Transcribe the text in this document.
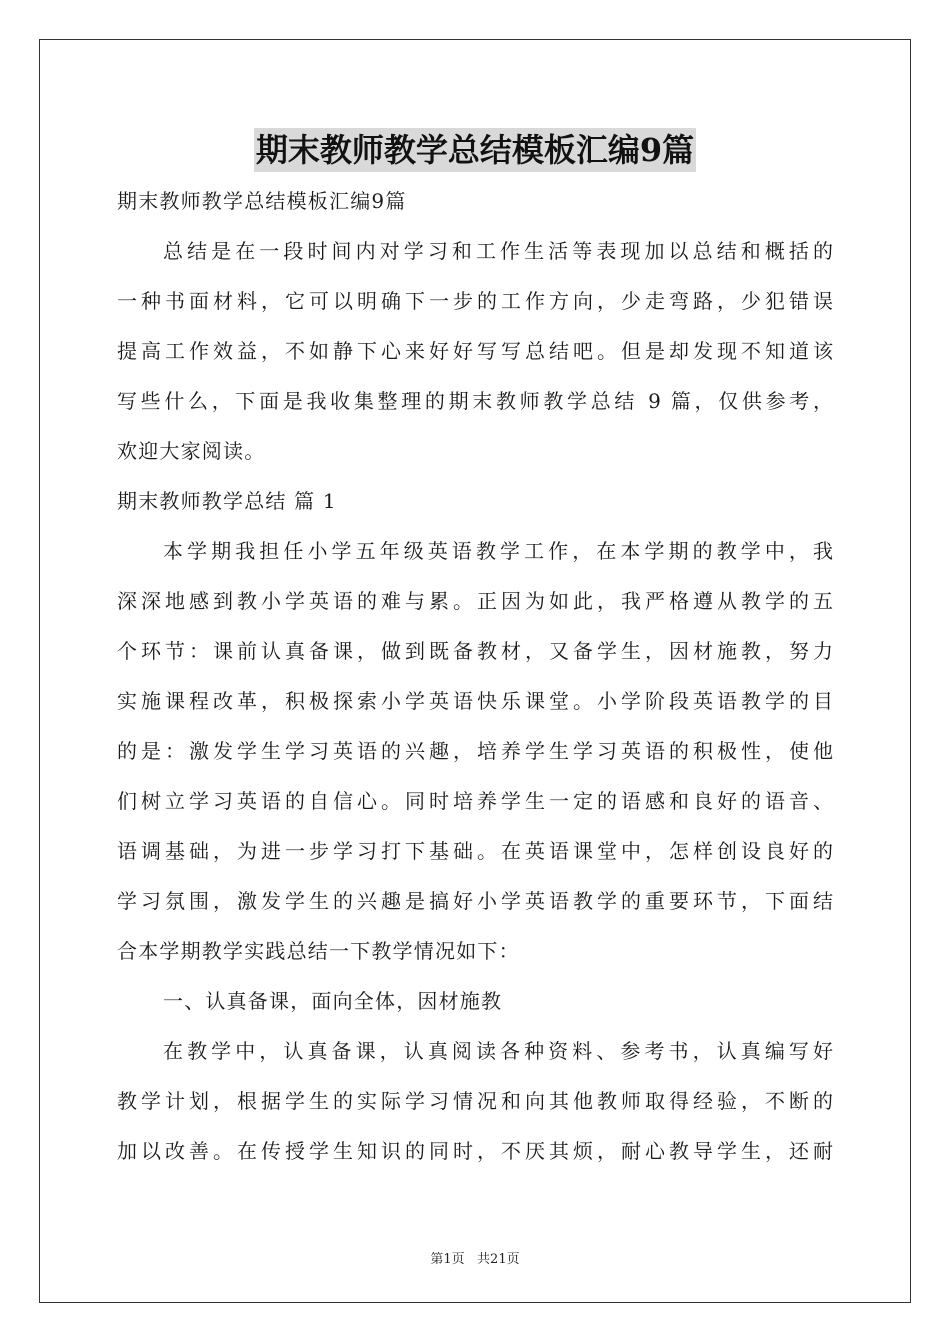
期末教师教学总结模板汇编9篇
期末教师教学总结模板汇编9篇
总结是在一段时间内对学习和工作生活等表现加以总结和概括的
一种书面材料，它可以明确下一步的工作方向，少走弯路，少犯错误
提高工作效益，不如静下心来好好写写总结吧。但是却发现不知道该
写些什么，下面是我收集整理的期末教师教学总结 9 篇，仅供参考，
欢迎大家阅读。
期末教师教学总结 篇 1
本学期我担任小学五年级英语教学工作，在本学期的教学中，我
深深地感到教小学英语的难与累。正因为如此，我严格遵从教学的五
个环节：课前认真备课，做到既备教材，又备学生，因材施教，努力
实施课程改革，积极探索小学英语快乐课堂。小学阶段英语教学的目
的是：激发学生学习英语的兴趣，培养学生学习英语的积极性，使他
们树立学习英语的自信心。同时培养学生一定的语感和良好的语音、
语调基础，为进一步学习打下基础。在英语课堂中，怎样创设良好的
学习氛围，激发学生的兴趣是搞好小学英语教学的重要环节，下面结
合本学期教学实践总结一下教学情况如下：
一、认真备课，面向全体，因材施教
在教学中，认真备课，认真阅读各种资料、参考书，认真编写好
教学计划，根据学生的实际学习情况和向其他教师取得经验，不断的
加以改善。在传授学生知识的同时，不厌其烦，耐心教导学生，还耐
第1页   共21页
